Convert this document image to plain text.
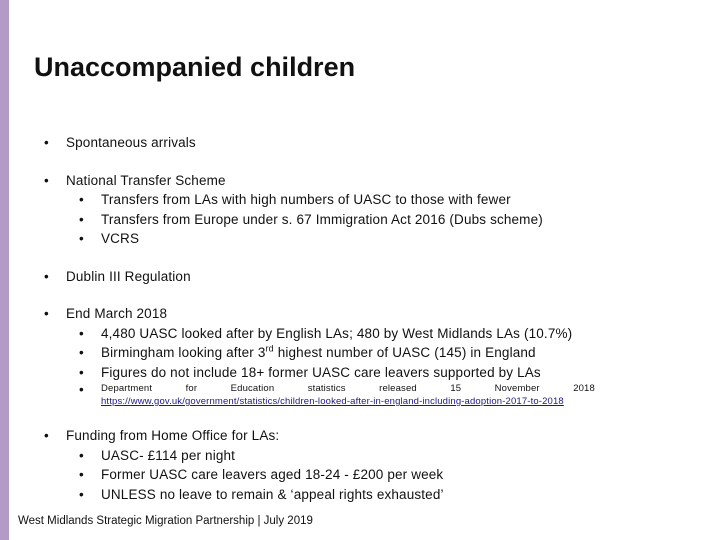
Unaccompanied children
• Spontaneous arrivals
• National Transfer Scheme
• Transfers from LAs with high numbers of UASC to those with fewer
• Transfers from Europe under s. 67 Immigration Act 2016 (Dubs scheme)
• VCRS
• Dublin III Regulation
• End March 2018
• 4,480 UASC looked after by English LAs; 480 by West Midlands LAs (10.7%)
• Birmingham looking after 3rd highest number of UASC (145) in England
• Figures do not include 18+ former UASC care leavers supported by LAs
• Department	for	Education	statistics	released	15	November	2018
https://www.gov.uk/government/statistics/children-looked-after-in-england-including-adoption-2017-to-2018
• Funding from Home Office for LAs:
• UASC- £114 per night
• Former UASC care leavers aged 18-24 - £200 per week
• UNLESS no leave to remain & ‘appeal rights exhausted’
West Midlands Strategic Migration Partnership | July 2019
